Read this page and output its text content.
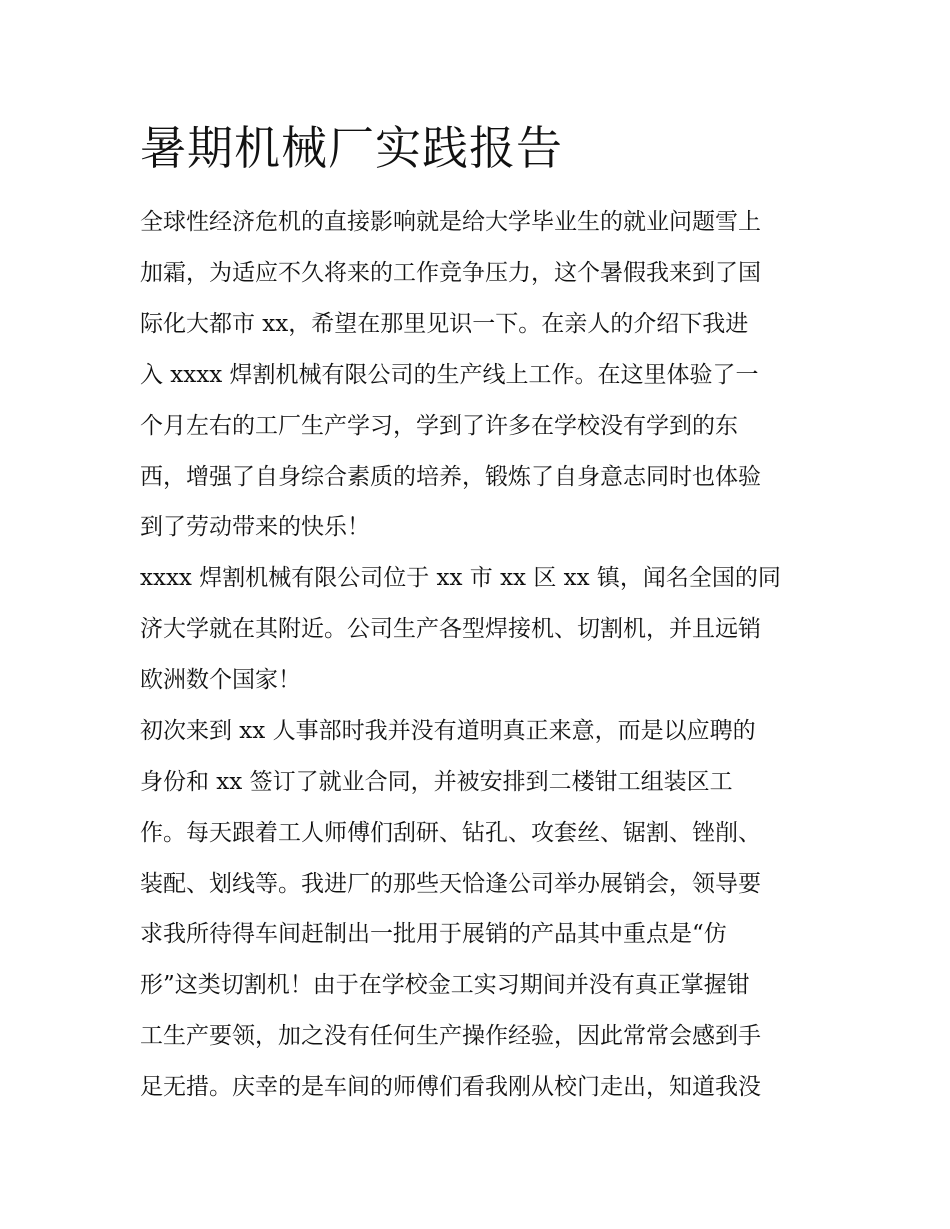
暑期机械厂实践报告
全球性经济危机的直接影响就是给大学毕业生的就业问题雪上
加霜，为适应不久将来的工作竞争压力，这个暑假我来到了国
际化大都市 xx，希望在那里见识一下。在亲人的介绍下我进
入 xxxx 焊割机械有限公司的生产线上工作。在这里体验了一
个月左右的工厂生产学习，学到了许多在学校没有学到的东
西，增强了自身综合素质的培养，锻炼了自身意志同时也体验
到了劳动带来的快乐！
xxxx 焊割机械有限公司位于 xx 市 xx 区 xx 镇，闻名全国的同
济大学就在其附近。公司生产各型焊接机、切割机，并且远销
欧洲数个国家！
初次来到 xx 人事部时我并没有道明真正来意，而是以应聘的
身份和 xx 签订了就业合同，并被安排到二楼钳工组装区工
作。每天跟着工人师傅们刮研、钻孔、攻套丝、锯割、锉削、
装配、划线等。我进厂的那些天恰逢公司举办展销会，领导要
求我所待得车间赶制出一批用于展销的产品其中重点是“仿
形”这类切割机！由于在学校金工实习期间并没有真正掌握钳
工生产要领，加之没有任何生产操作经验，因此常常会感到手
足无措。庆幸的是车间的师傅们看我刚从校门走出，知道我没
